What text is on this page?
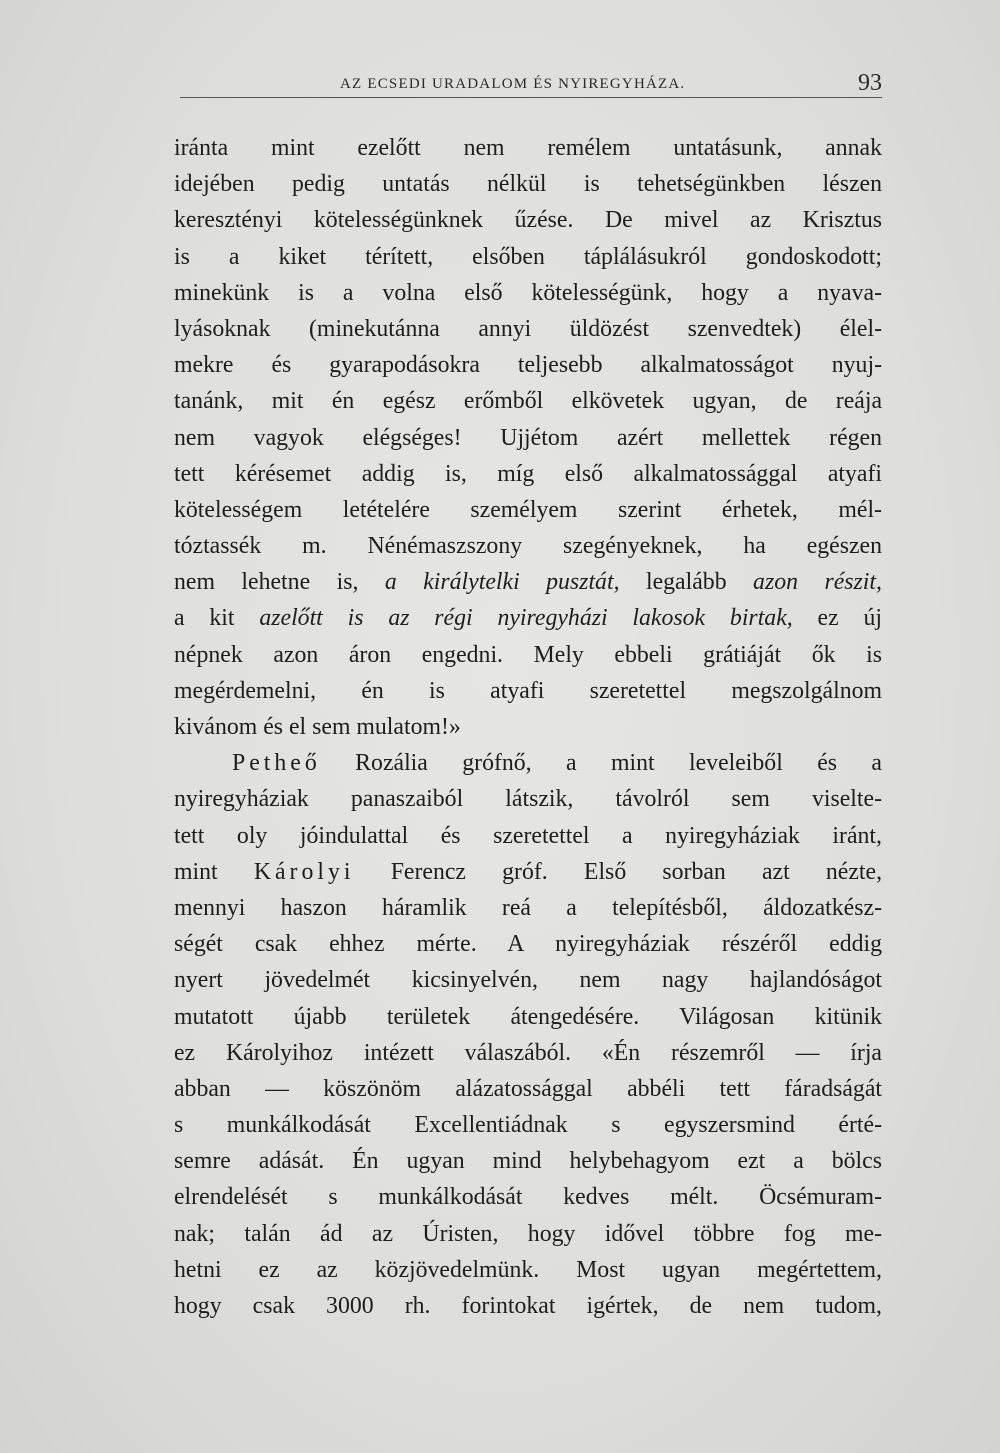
AZ ECSEDI URADALOM ÉS NYIREGYHÁZA.	93
iránta mint ezelőtt nem remélem untatásunk, annak
idejében pedig untatás nélkül is tehetségünkben lészen
keresztényi kötelességünknek űzése. De mivel az Krisztus
is a kiket térített, elsőben táplálásukról gondoskodott;
minekünk is a volna első kötelességünk, hogy a nyava-
lyásoknak (minekutánna annyi üldözést szenvedtek) élel-
mekre és gyarapodásokra teljesebb alkalmatosságot nyuj-
tanánk, mit én egész erőmből elkövetek ugyan, de reája
nem vagyok elégséges! Ujjétom azért mellettek régen
tett kérésemet addig is, míg első alkalmatossággal atyafi
kötelességem letételére személyem szerint érhetek, mél-
tóztassék m. Nénémaszszony szegényeknek, ha egészen
nem lehetne is, a királytelki pusztát, legalább azon részit,
a kit azelőtt is az régi nyiregyházi lakosok birtak, ez új
népnek azon áron engedni. Mely ebbeli grátiáját ők is
megérdemelni, én is atyafi szeretettel megszolgálnom
kivánom és el sem mulatom!»
Petheő Rozália grófnő, a mint leveleiből és a
nyiregyháziak panaszaiból látszik, távolról sem viselte-
tett oly jóindulattal és szeretettel a nyiregyháziak iránt,
mint Károlyi Ferencz gróf. Első sorban azt nézte,
mennyi haszon háramlik reá a telepítésből, áldozatkész-
ségét csak ehhez mérte. A nyiregyháziak részéről eddig
nyert jövedelmét kicsinyelvén, nem nagy hajlandóságot
mutatott újabb területek átengedésére. Világosan kitünik
ez Károlyihoz intézett válaszából. «Én részemről — írja
abban — köszönöm alázatossággal abbéli tett fáradságát
s munkálkodását Excellentiádnak s egyszersmind érté-
semre adását. Én ugyan mind helybehagyom ezt a bölcs
elrendelését s munkálkodását kedves mélt. Öcsémuram-
nak; talán ád az Úristen, hogy idővel többre fog me-
hetni ez az közjövedelmünk. Most ugyan megértettem,
hogy csak 3000 rh. forintokat igértek, de nem tudom,
